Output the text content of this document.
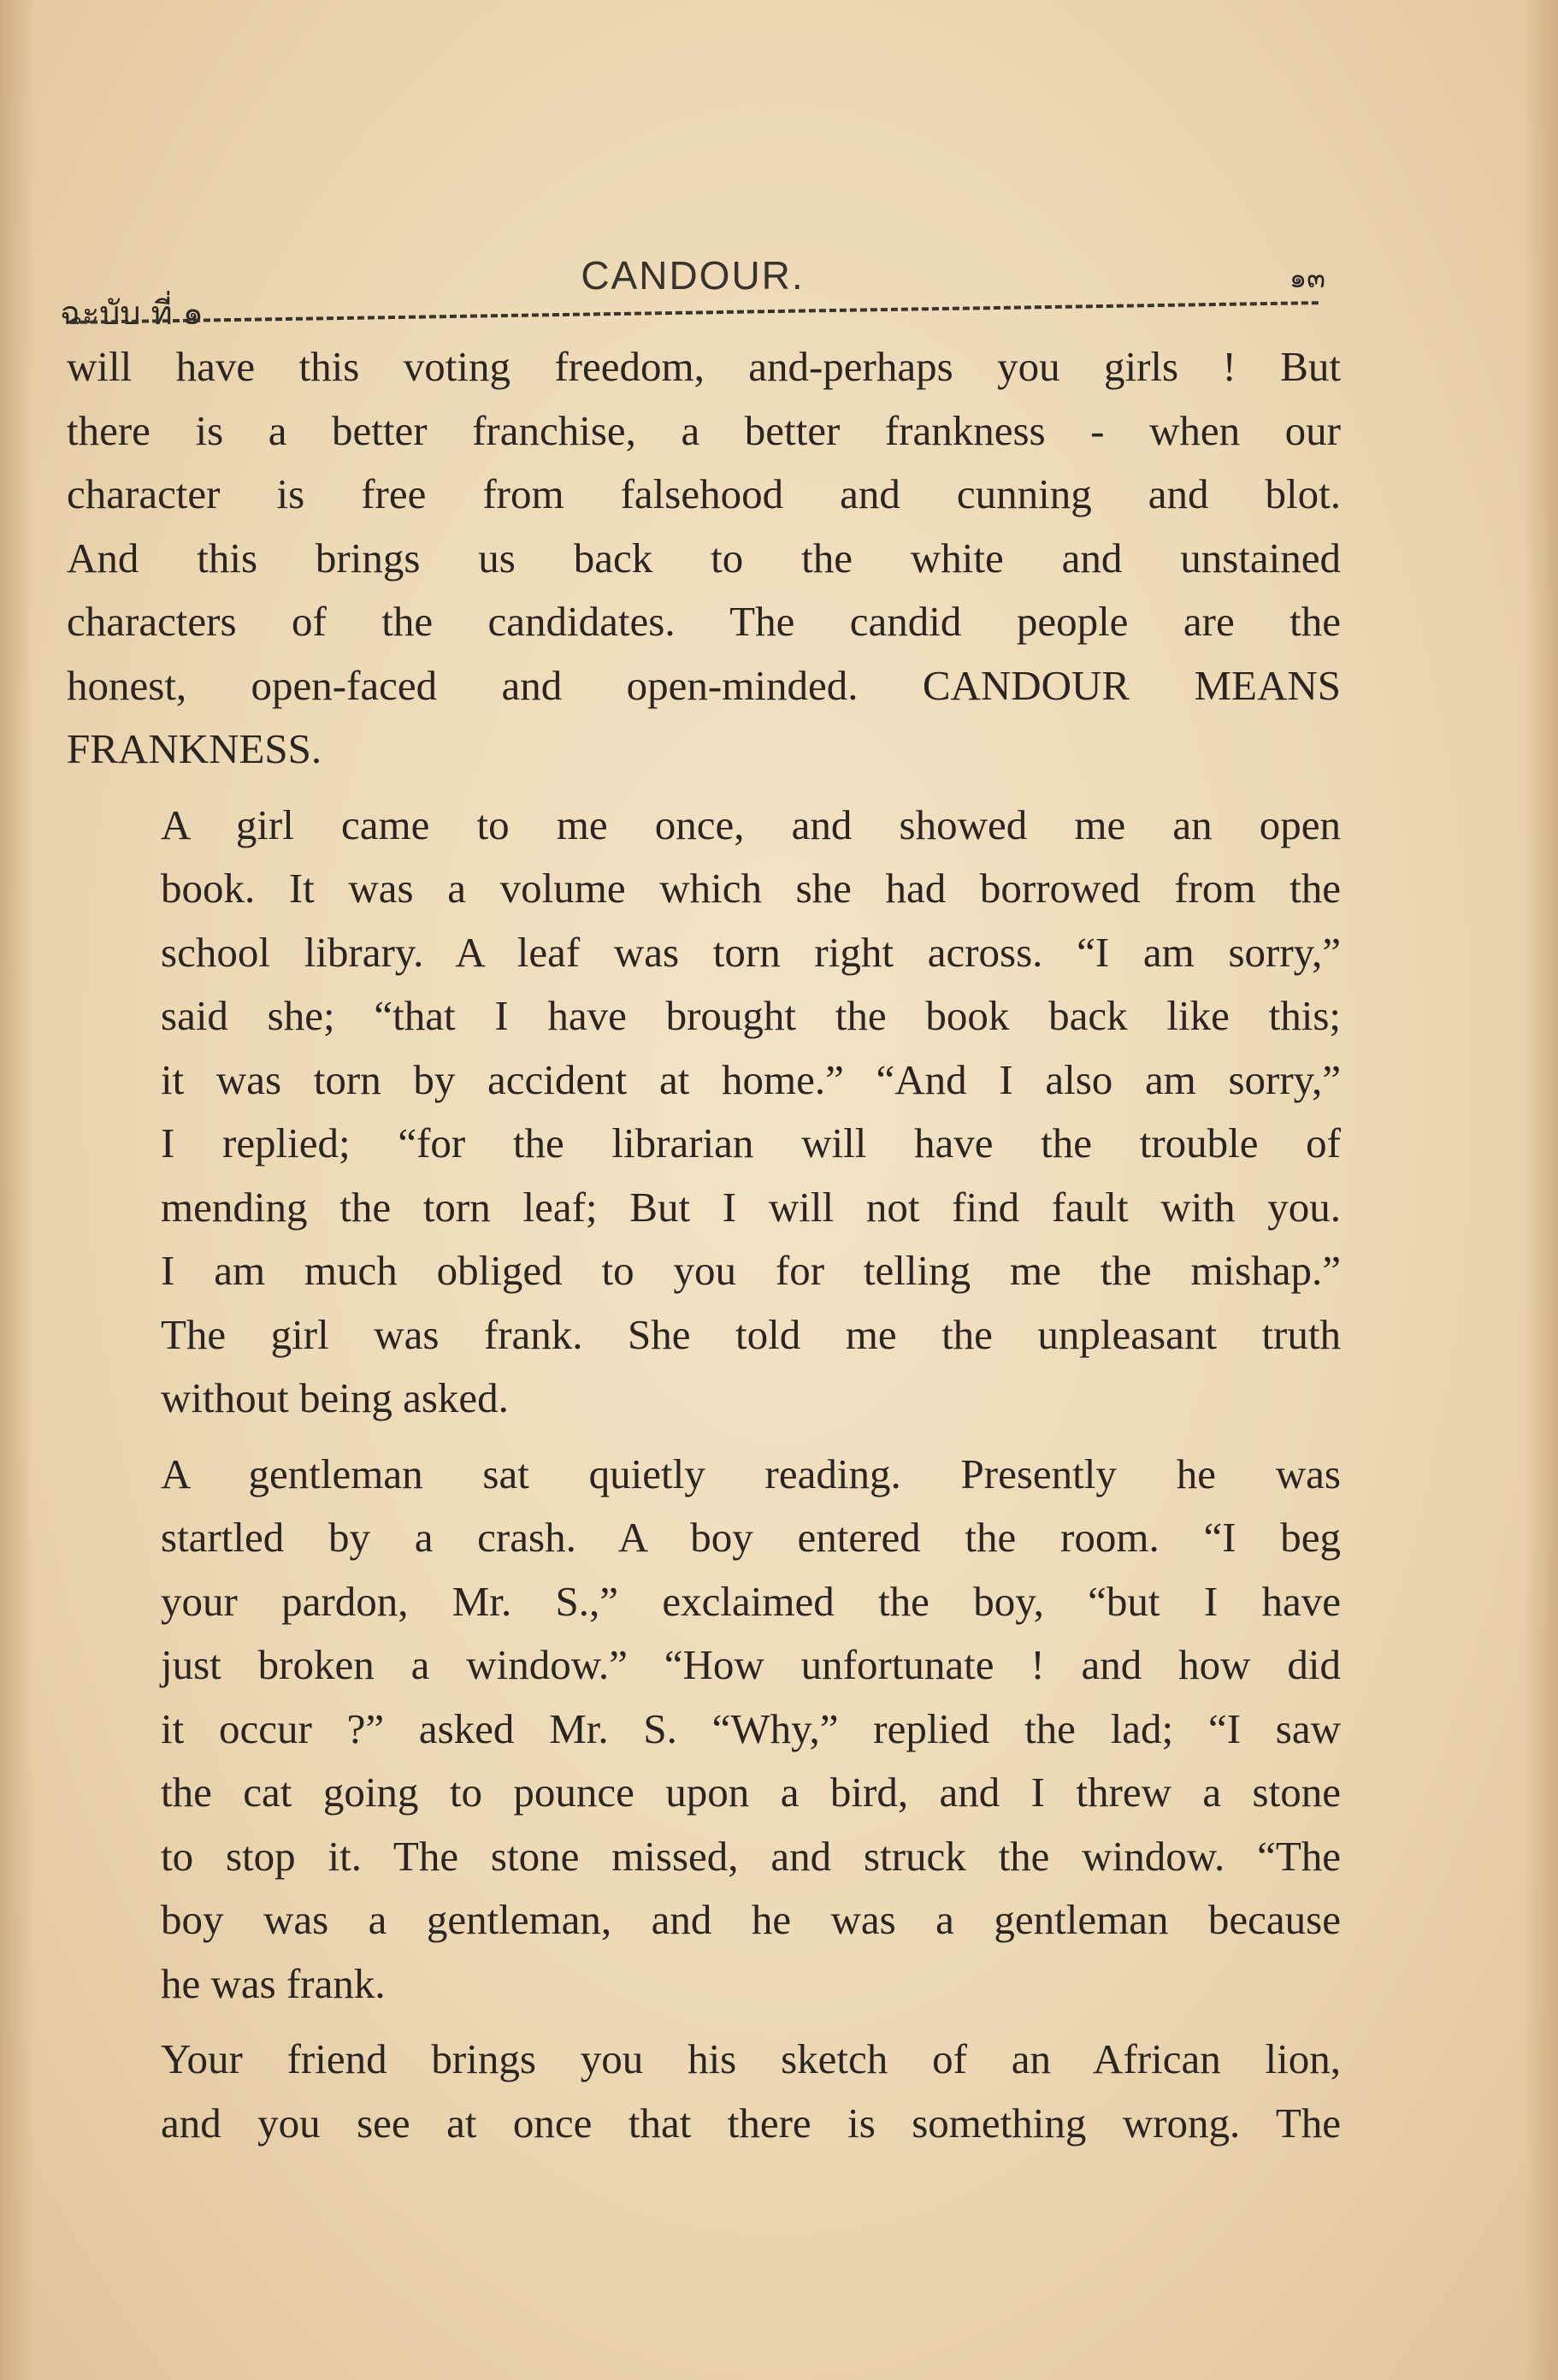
ฉะบับ ที่ ๑
CANDOUR.	๑๓
will have this voting freedom, and-perhaps you girls ! But
there is a better franchise, a better frankness - when our
character is free from falsehood and cunning and blot.
And this brings us back to the white and unstained
characters of the candidates. The candid people are the
honest, open-faced and open-minded. CANDOUR MEANS
FRANKNESS.
A girl came to me once, and showed me an open
book. It was a volume which she had borrowed from the
school library. A leaf was torn right across. “I am sorry,”
said she; “that I have brought the book back like this;
it was torn by accident at home.” “And I also am sorry,”
I replied; “for the librarian will have the trouble of
mending the torn leaf; But I will not find fault with you.
I am much obliged to you for telling me the mishap.”
The girl was frank. She told me the unpleasant truth
without being asked.
A gentleman sat quietly reading. Presently he was
startled by a crash. A boy entered the room. “I beg
your pardon, Mr. S.,” exclaimed the boy, “but I have
just broken a window.” “How unfortunate ! and how did
it occur ?” asked Mr. S. “Why,” replied the lad; “I saw
the cat going to pounce upon a bird, and I threw a stone
to stop it. The stone missed, and struck the window. “The
boy was a gentleman, and he was a gentleman because
he was frank.
Your friend brings you his sketch of an African lion,
and you see at once that there is something wrong. The
